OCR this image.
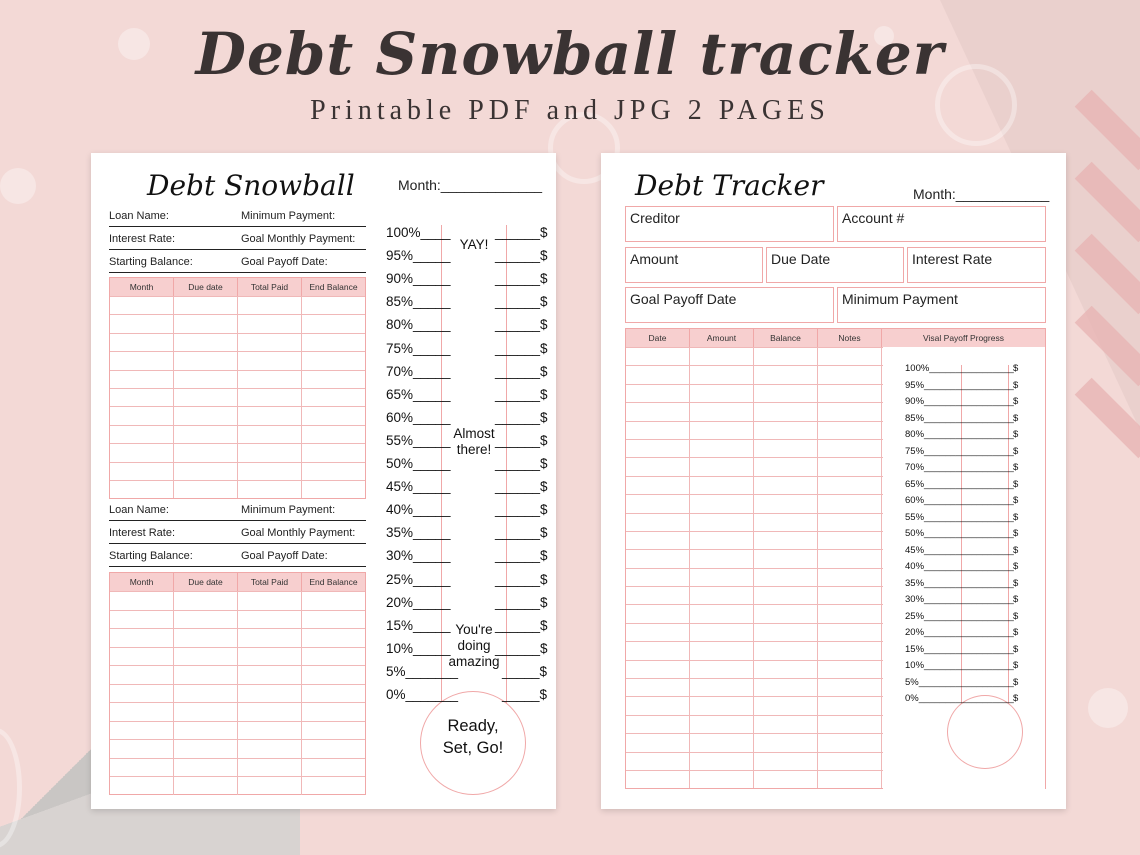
Debt Snowball tracker
Printable PDF and JPG 2 PAGES
Debt Snowball	Month:_____________
Loan Name:	Minimum Payment:
Interest Rate:	Goal Monthly Payment:
Starting Balance:	Goal Payoff Date:
Month	Due date	Total Paid	End Balance
Loan Name:	Minimum Payment:
Interest Rate:	Goal Monthly Payment:
Starting Balance:	Goal Payoff Date:
Month	Due date	Total Paid	End Balance
100%____	______$
95%_____	______$
90%_____	______$
85%_____	______$
80%_____	______$
75%_____	______$
70%_____	______$
65%_____	______$
60%_____	______$
55%_____	______$
50%_____	______$
45%_____	______$
40%_____	______$
35%_____	______$
30%_____	______$
25%_____	______$
20%_____	______$
15%_____	______$
10%_____	______$
5%_______	_____$
0%_______	_____$
YAY!
Almost there!
You're doing amazing
Ready, Set, Go!
Debt Tracker	Month:____________
Creditor	Account #
Amount	Due Date	Interest Rate
Goal Payoff Date	Minimum Payment
Date	Amount	Balance	Notes	Visal Payoff Progress
100%________________ $
95%_________________ $
90%_________________ $
85%_________________ $
80%_________________ $
75%_________________ $
70%_________________ $
65%_________________ $
60%_________________ $
55%_________________ $
50%_________________ $
45%_________________ $
40%_________________ $
35%_________________ $
30%_________________ $
25%_________________ $
20%_________________ $
15%_________________ $
10%_________________ $
5%__________________ $
0%__________________ $
